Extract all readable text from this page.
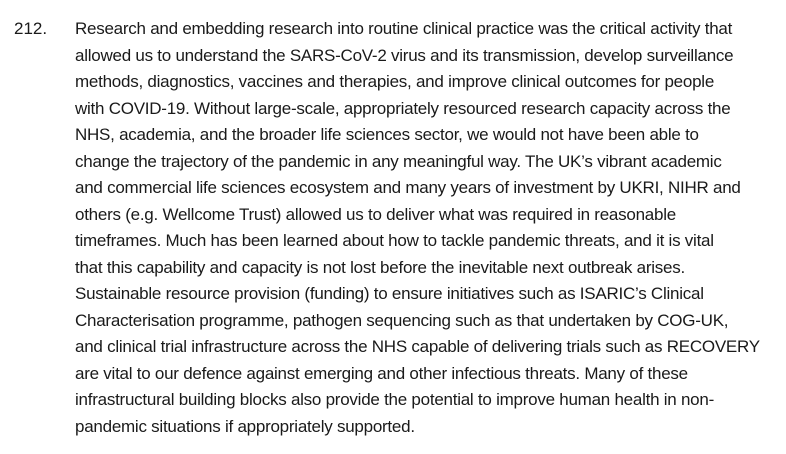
212. Research and embedding research into routine clinical practice was the critical activity that
allowed us to understand the SARS-CoV-2 virus and its transmission, develop surveillance
methods, diagnostics, vaccines and therapies, and improve clinical outcomes for people
with COVID-19. Without large-scale, appropriately resourced research capacity across the
NHS, academia, and the broader life sciences sector, we would not have been able to
change the trajectory of the pandemic in any meaningful way. The UK’s vibrant academic
and commercial life sciences ecosystem and many years of investment by UKRI, NIHR and
others (e.g. Wellcome Trust) allowed us to deliver what was required in reasonable
timeframes. Much has been learned about how to tackle pandemic threats, and it is vital
that this capability and capacity is not lost before the inevitable next outbreak arises.
Sustainable resource provision (funding) to ensure initiatives such as ISARIC’s Clinical
Characterisation programme, pathogen sequencing such as that undertaken by COG-UK,
and clinical trial infrastructure across the NHS capable of delivering trials such as RECOVERY
are vital to our defence against emerging and other infectious threats. Many of these
infrastructural building blocks also provide the potential to improve human health in non-
pandemic situations if appropriately supported.
